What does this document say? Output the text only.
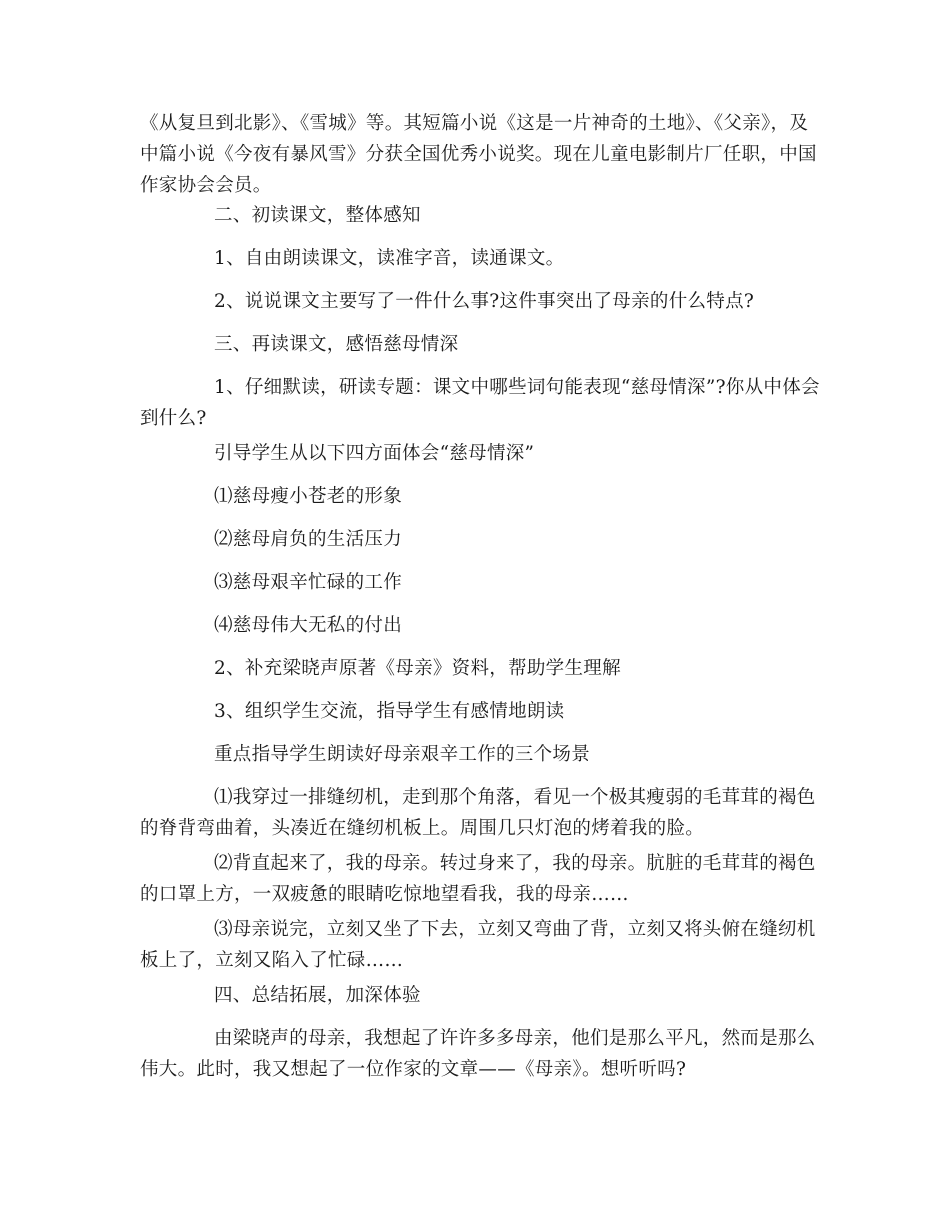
《从复旦到北影》、《雪城》等。其短篇小说《这是一片神奇的土地》、《父亲》，及中篇小说《今夜有暴风雪》分获全国优秀小说奖。现在儿童电影制片厂任职，中国作家协会会员。

二、初读课文，整体感知

1、自由朗读课文，读准字音，读通课文。

2、说说课文主要写了一件什么事?这件事突出了母亲的什么特点?

三、再读课文，感悟慈母情深

1、仔细默读，研读专题：课文中哪些词句能表现“慈母情深”?你从中体会到什么?

引导学生从以下四方面体会“慈母情深”

⑴慈母瘦小苍老的形象

⑵慈母肩负的生活压力

⑶慈母艰辛忙碌的工作

⑷慈母伟大无私的付出

2、补充梁晓声原著《母亲》资料，帮助学生理解

3、组织学生交流，指导学生有感情地朗读

重点指导学生朗读好母亲艰辛工作的三个场景

⑴我穿过一排缝纫机，走到那个角落，看见一个极其瘦弱的毛茸茸的褐色的脊背弯曲着，头凑近在缝纫机板上。周围几只灯泡的烤着我的脸。

⑵背直起来了，我的母亲。转过身来了，我的母亲。肮脏的毛茸茸的褐色的口罩上方，一双疲惫的眼睛吃惊地望看我，我的母亲……

⑶母亲说完，立刻又坐了下去，立刻又弯曲了背，立刻又将头俯在缝纫机板上了，立刻又陷入了忙碌……

四、总结拓展，加深体验

由梁晓声的母亲，我想起了许许多多母亲，他们是那么平凡，然而是那么伟大。此时，我又想起了一位作家的文章——《母亲》。想听听吗?
